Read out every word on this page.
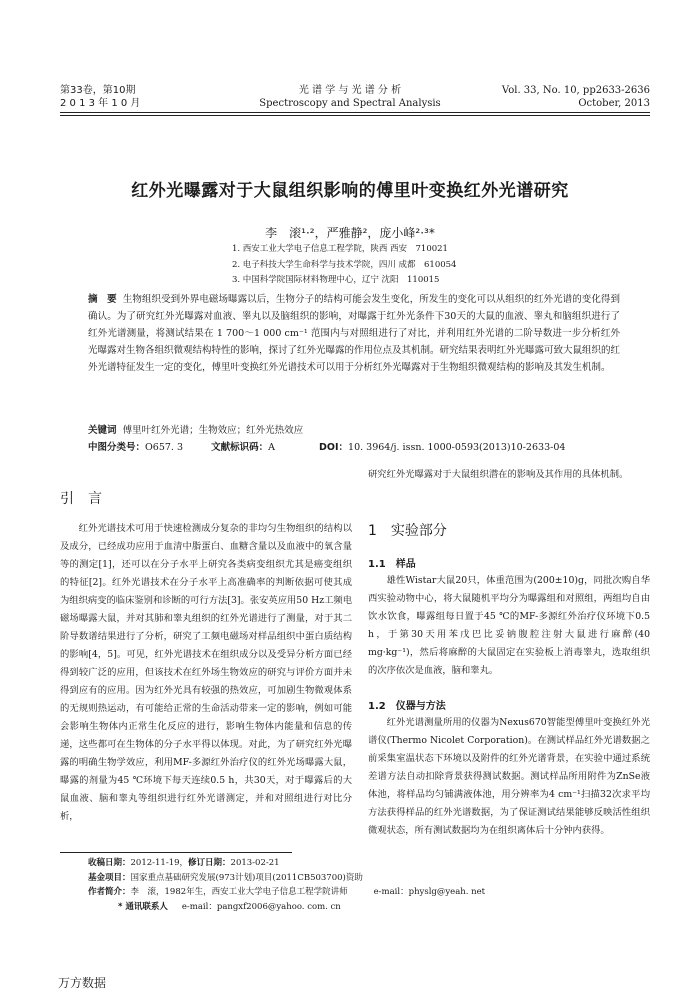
第33卷，第10期
2 0 1 3 年 1 0 月
光 谱 学 与 光 谱 分 析
Spectroscopy and Spectral Analysis
Vol. 33, No. 10, pp2633-2636
October, 2013
红外光曝露对于大鼠组织影响的傅里叶变换红外光谱研究
李　滚¹·²，严雅静²，庞小峰²·³*
1. 西安工业大学电子信息工程学院，陕西 西安　710021
2. 电子科技大学生命科学与技术学院，四川 成都　610054
3. 中国科学院国际材料物理中心，辽宁 沈阳　110015
摘　要 生物组织受到外界电磁场曝露以后，生物分子的结构可能会发生变化，所发生的变化可以从组织的红外光谱的变化得到确认。为了研究红外光曝露对血液、睾丸以及脑组织的影响，对曝露于红外光条件下30天的大鼠的血液、睾丸和脑组织进行了红外光谱测量，将测试结果在 1 700～1 000 cm⁻¹ 范围内与对照组进行了对比，并利用红外光谱的二阶导数进一步分析红外光曝露对生物各组织微观结构特性的影响，探讨了红外光曝露的作用位点及其机制。研究结果表明红外光曝露可致大鼠组织的红外光谱特征发生一定的变化，傅里叶变换红外光谱技术可以用于分析红外光曝露对于生物组织微观结构的影响及其发生机制。
关键词 傅里叶红外光谱；生物效应；红外光热效应
中图分类号：O657. 3	文献标识码：A	DOI：10. 3964/j. issn. 1000-0593(2013)10-2633-04
引　言
红外光谱技术可用于快速检测成分复杂的非均匀生物组织的结构以及成分，已经成功应用于血清中脂蛋白、血糖含量以及血液中的氧含量等的测定[1]，还可以在分子水平上研究各类病变组织尤其是癌变组织的特征[2]。红外光谱技术在分子水平上高准确率的判断依据可使其成为组织病变的临床鉴别和诊断的可行方法[3]。张安英应用50 Hz工频电磁场曝露大鼠，并对其肺和睾丸组织的红外光谱进行了测量，对于其二阶导数谱结果进行了分析，研究了工频电磁场对样品组织中蛋白质结构的影响[4，5]。可见，红外光谱技术在组织成分以及受异分析方面已经得到较广泛的应用，但该技术在红外场生物效应的研究与评价方面并未得到应有的应用。因为红外光具有较强的热效应，可加剧生物微观体系的无规则热运动，有可能给正常的生命活动带来一定的影响，例如可能会影响生物体内正常生化反应的进行，影响生物体内能量和信息的传递，这些都可在生物体的分子水平得以体现。对此，为了研究红外光曝露的明确生物学效应，利用MF-多源红外治疗仪的红外光场曝露大鼠，曝露的剂量为45 ℃环境下每天连续0.5 h，共30天，对于曝露后的大鼠血液、脑和睾丸等组织进行红外光谱测定，并和对照组进行对比分析，
研究红外光曝露对于大鼠组织潜在的影响及其作用的具体机制。
1　实验部分
1.1　样品
雄性Wistar大鼠20只，体重范围为(200±10)g，同批次购自华西实验动物中心，将大鼠随机平均分为曝露组和对照组，两组均自由饮水饮食，曝露组每日置于45 ℃的MF-多源红外治疗仪环境下0.5 h，于第30天用苯戊巴比妥钠腹腔注射大鼠进行麻醉(40 mg·kg⁻¹)，然后将麻醉的大鼠固定在实验板上消毒睾丸，选取组织的次序依次是血液，脑和睾丸。
1.2　仪器与方法
红外光谱测量所用的仪器为Nexus670智能型傅里叶变换红外光谱仪(Thermo Nicolet Corporation)。在测试样品红外光谱数据之前采集室温状态下环境以及附件的红外光谱背景，在实验中通过系统差谱方法自动扣除背景获得测试数据。测试样品所用附件为ZnSe液体池，将样品均匀铺满液体池，用分辨率为4 cm⁻¹扫描32次求平均方法获得样品的红外光谱数据，为了保证测试结果能够反映活性组织微观状态，所有测试数据均为在组织离体后十分钟内获得。
收稿日期：2012-11-19，修订日期：2013-02-21
基金项目：国家重点基础研究发展(973计划)项目(2011CB503700)资助
作者简介：李　滚，1982年生，西安工业大学电子信息工程学院讲师	e-mail：physlg@yeah. net
* 通讯联系人 e-mail：pangxf2006@yahoo. com. cn
万方数据
